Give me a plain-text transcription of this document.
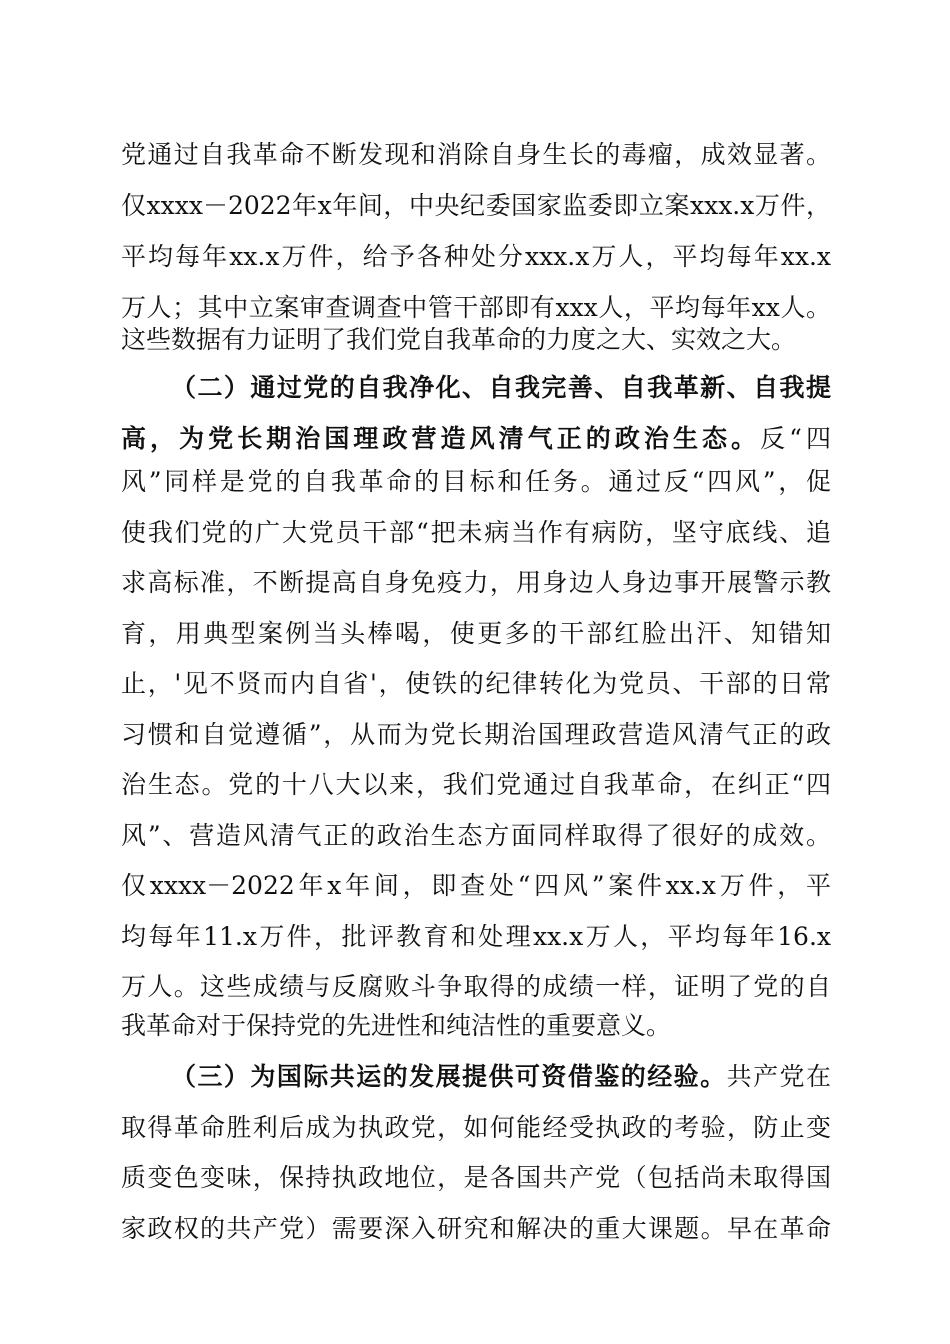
党通过自我革命不断发现和消除自身生长的毒瘤，成效显著。
仅xxxx－2022年x年间，中央纪委国家监委即立案xxx.x万件，
平均每年xx.x万件，给予各种处分xxx.x万人，平均每年xx.x
万人；其中立案审查调查中管干部即有xxx人，平均每年xx人。
这些数据有力证明了我们党自我革命的力度之大、实效之大。
（二）通过党的自我净化、自我完善、自我革新、自我提
高，为党长期治国理政营造风清气正的政治生态。反“四
风”同样是党的自我革命的目标和任务。通过反“四风”，促
使我们党的广大党员干部“把未病当作有病防，坚守底线、追
求高标准，不断提高自身免疫力，用身边人身边事开展警示教
育，用典型案例当头棒喝，使更多的干部红脸出汗、知错知
止，'见不贤而内自省'，使铁的纪律转化为党员、干部的日常
习惯和自觉遵循”，从而为党长期治国理政营造风清气正的政
治生态。党的十八大以来，我们党通过自我革命，在纠正“四
风”、营造风清气正的政治生态方面同样取得了很好的成效。
仅xxxx－2022年x年间，即查处“四风”案件xx.x万件，平
均每年11.x万件，批评教育和处理xx.x万人，平均每年16.x
万人。这些成绩与反腐败斗争取得的成绩一样，证明了党的自
我革命对于保持党的先进性和纯洁性的重要意义。
（三）为国际共运的发展提供可资借鉴的经验。共产党在
取得革命胜利后成为执政党，如何能经受执政的考验，防止变
质变色变味，保持执政地位，是各国共产党（包括尚未取得国
家政权的共产党）需要深入研究和解决的重大课题。早在革命
